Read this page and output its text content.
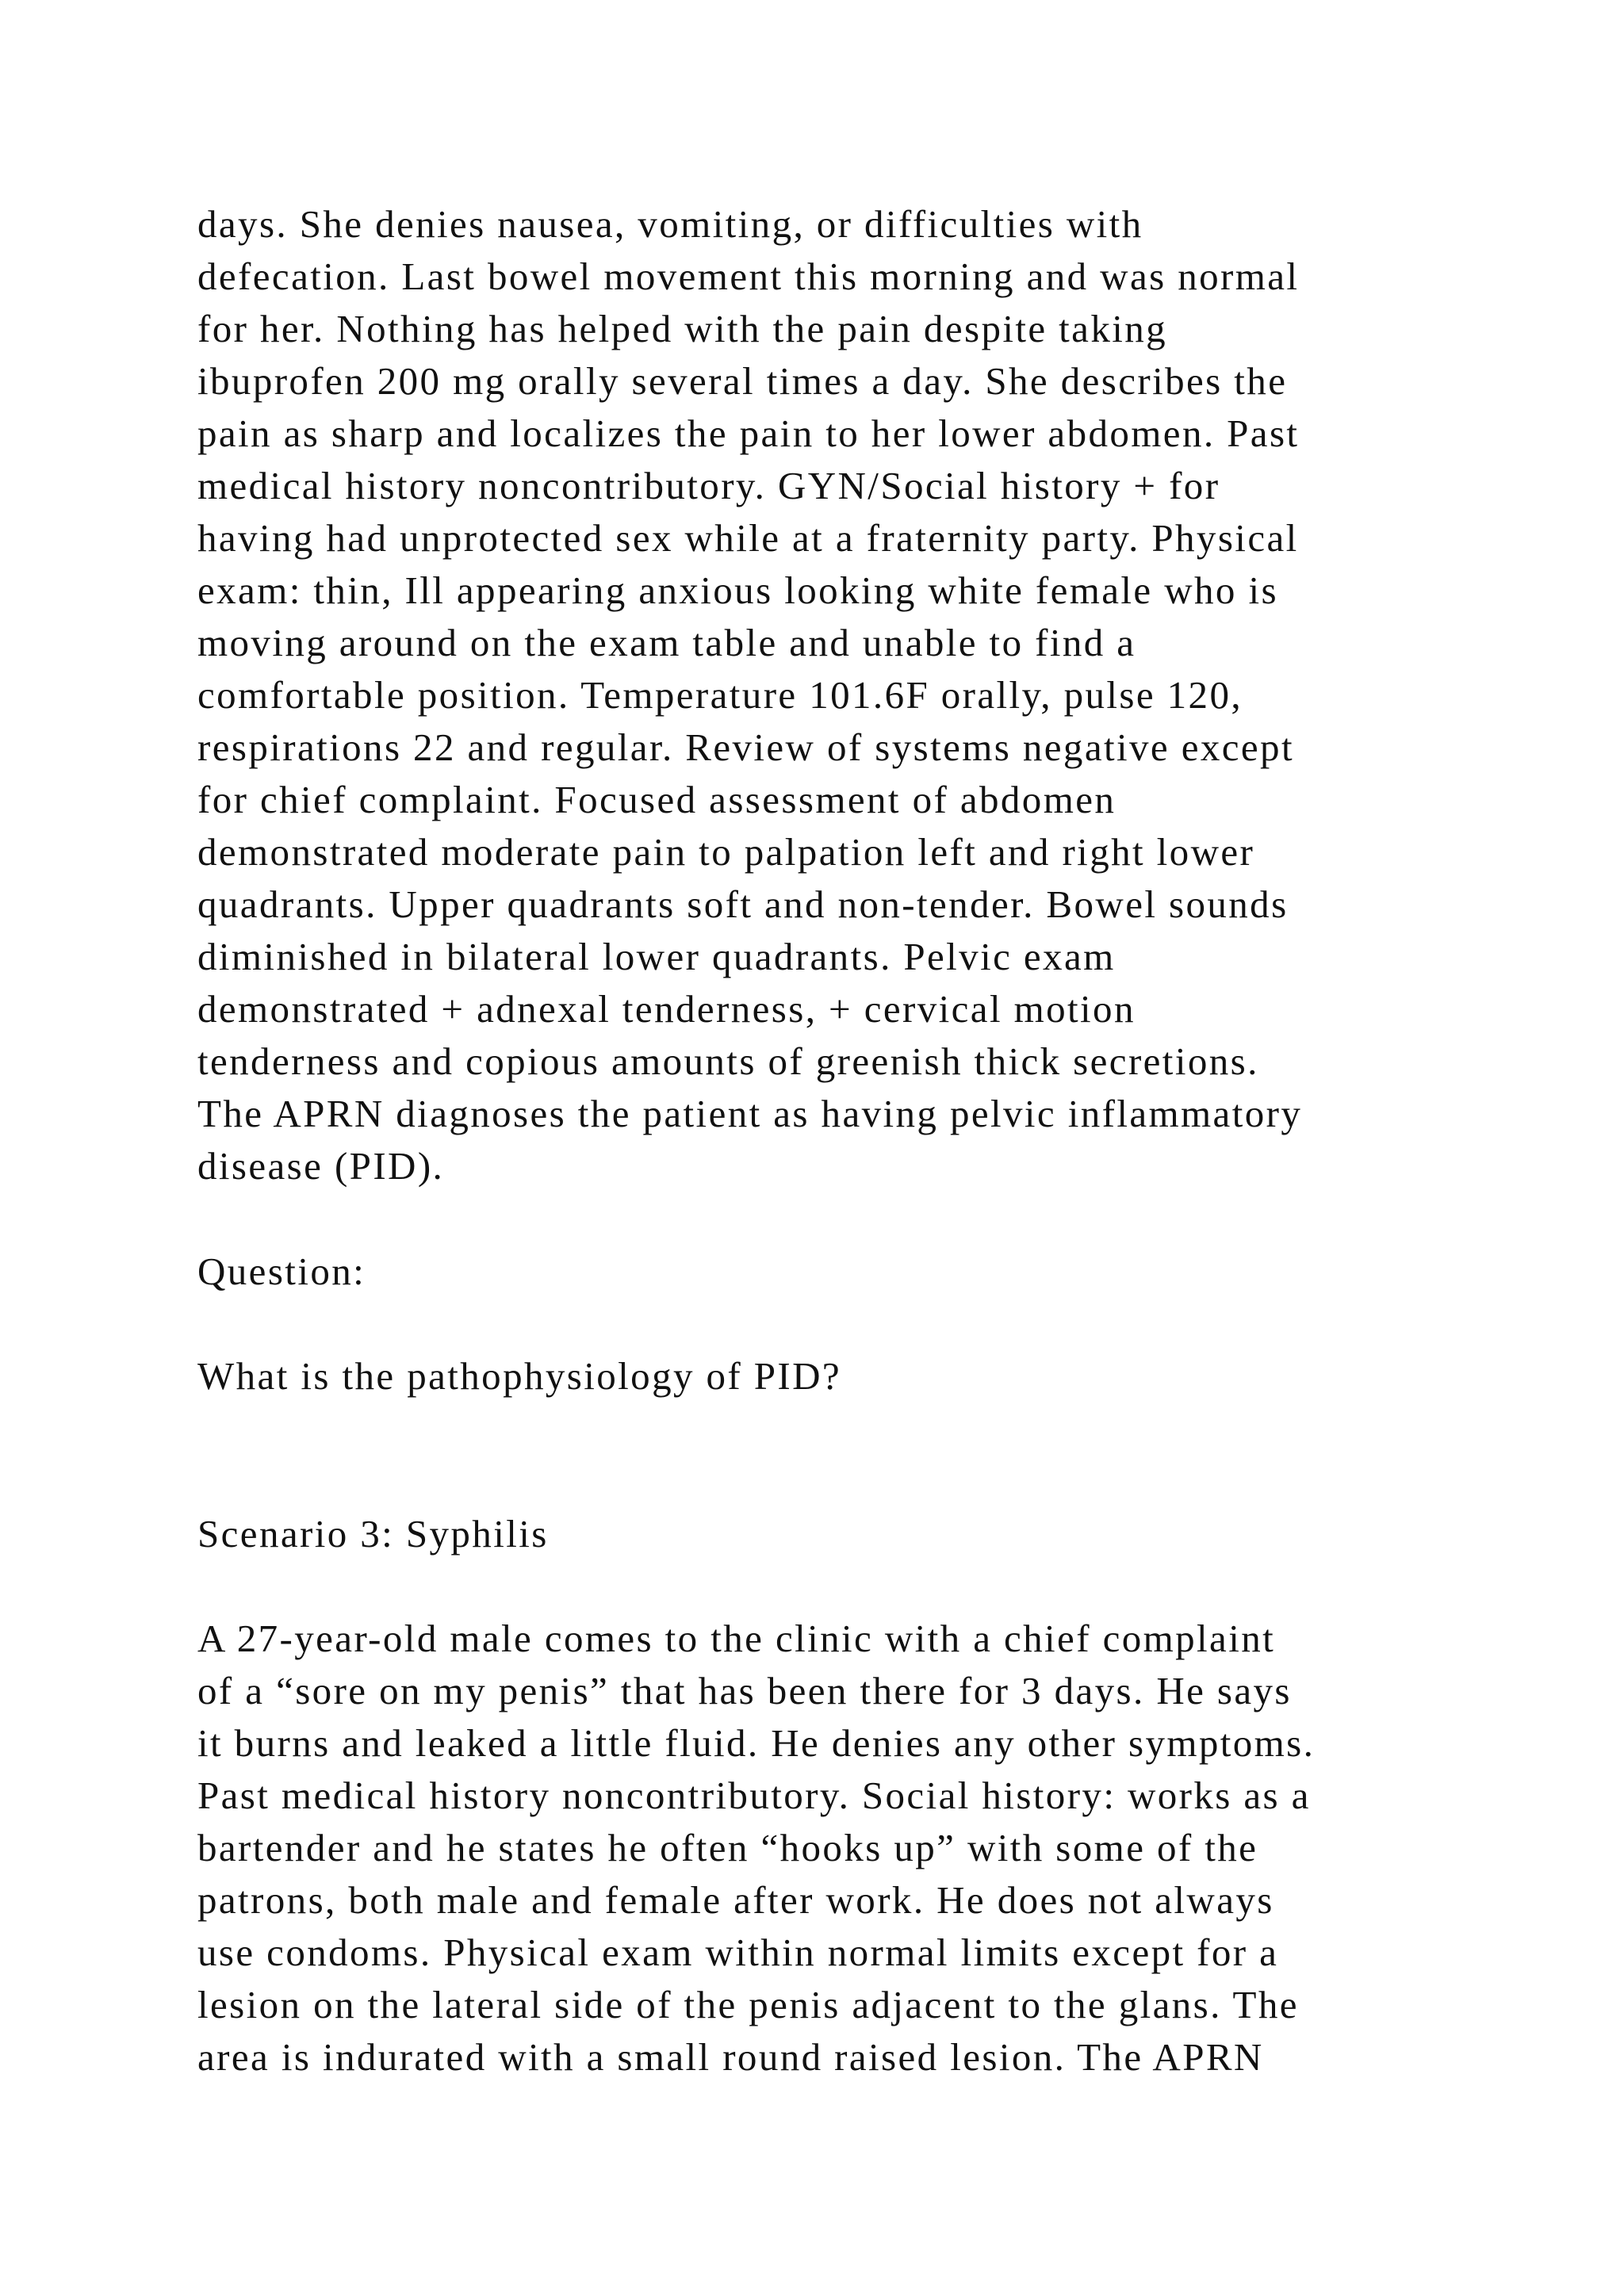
days. She denies nausea, vomiting, or difficulties with
defecation. Last bowel movement this morning and was normal
for her. Nothing has helped with the pain despite taking
ibuprofen 200 mg orally several times a day. She describes the
pain as sharp and localizes the pain to her lower abdomen. Past
medical history noncontributory. GYN/Social history + for
having had unprotected sex while at a fraternity party. Physical
exam: thin, Ill appearing anxious looking white female who is
moving around on the exam table and unable to find a
comfortable position. Temperature 101.6F orally, pulse 120,
respirations 22 and regular. Review of systems negative except
for chief complaint. Focused assessment of abdomen
demonstrated moderate pain to palpation left and right lower
quadrants. Upper quadrants soft and non-tender. Bowel sounds
diminished in bilateral lower quadrants. Pelvic exam
demonstrated + adnexal tenderness, + cervical motion
tenderness and copious amounts of greenish thick secretions.
The APRN diagnoses the patient as having pelvic inflammatory
disease (PID).
Question:
What is the pathophysiology of PID?
Scenario 3: Syphilis
A 27-year-old male comes to the clinic with a chief complaint
of a “sore on my penis” that has been there for 3 days. He says
it burns and leaked a little fluid. He denies any other symptoms.
Past medical history noncontributory. Social history: works as a
bartender and he states he often “hooks up” with some of the
patrons, both male and female after work. He does not always
use condoms. Physical exam within normal limits except for a
lesion on the lateral side of the penis adjacent to the glans. The
area is indurated with a small round raised lesion. The APRN
